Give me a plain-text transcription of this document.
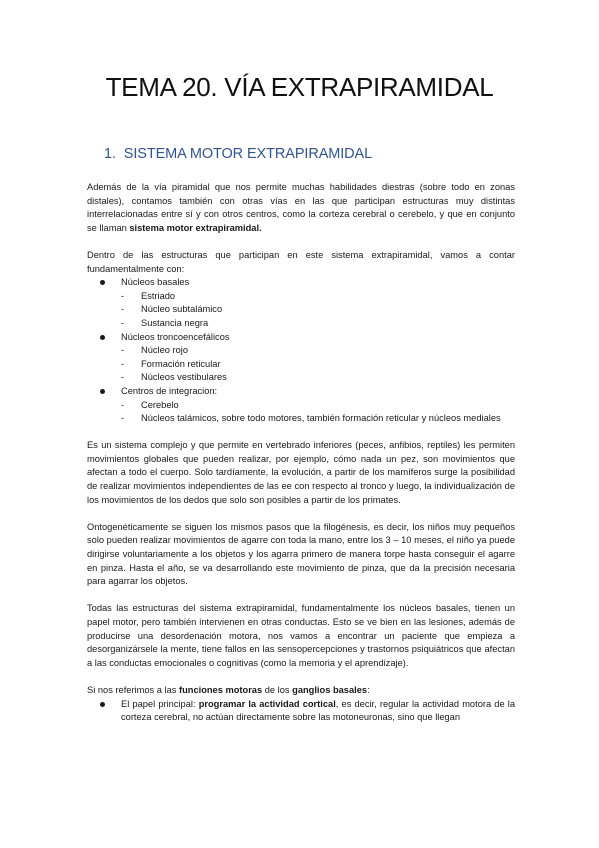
TEMA 20. VÍA EXTRAPIRAMIDAL
1. SISTEMA MOTOR EXTRAPIRAMIDAL

Además de la vía piramidal que nos permite muchas habilidades diestras (sobre todo en zonas distales), contamos también con otras vías en las que participan estructuras muy distintas interrelacionadas entre sí y con otros centros, como la corteza cerebral o cerebelo, y que en conjunto se llaman sistema motor extrapiramidal.

Dentro de las estructuras que participan en este sistema extrapiramidal, vamos a contar fundamentalmente con:

Núcleos basales
- Estriado
- Núcleo subtalámico
- Sustancia negra
Núcleos troncoencefálicos
- Núcleo rojo
- Formación reticular
- Núcleos vestibulares
Centros de integracion:
- Cerebelo
- Núcleos talámicos, sobre todo motores, también formación reticular y núcleos mediales

Es un sistema complejo y que permite en vertebrado inferiores (peces, anfibios, reptiles) les permiten movimientos globales que pueden realizar, por ejemplo, cómo nada un pez, son movimientos que afectan a todo el cuerpo. Solo tardíamente, la evolución, a partir de los mamíferos surge la posibilidad de realizar movimientos independientes de las ee con respecto al tronco y luego, la individualización de los movimientos de los dedos que solo son posibles a partir de los primates.

Ontogenéticamente se siguen los mismos pasos que la filogénesis, es decir, los niños muy pequeños solo pueden realizar movimientos de agarre con toda la mano, entre los 3 – 10 meses, el niño ya puede dirigirse voluntariamente a los objetos y los agarra primero de manera torpe hasta conseguir el agarre en pinza. Hasta el año, se va desarrollando este movimiento de pinza, que da la precisión necesaria para agarrar los objetos.

Todas las estructuras del sistema extrapiramidal, fundamentalmente los núcleos basales, tienen un papel motor, pero también intervienen en otras conductas. Esto se ve bien en las lesiones, además de producirse una desordenación motora, nos vamos a encontrar un paciente que empieza a desorganizársele la mente, tiene fallos en las sensopercepciones y trastornos psiquiátricos que afectan a las conductas emocionales o cognitivas (como la memoria y el aprendizaje).

Si nos referimos a las funciones motoras de los ganglios basales:

El papel principal: programar la actividad cortical, es decir, regular la actividad motora de la corteza cerebral, no actúan directamente sobre las motoneuronas, sino que llegan
